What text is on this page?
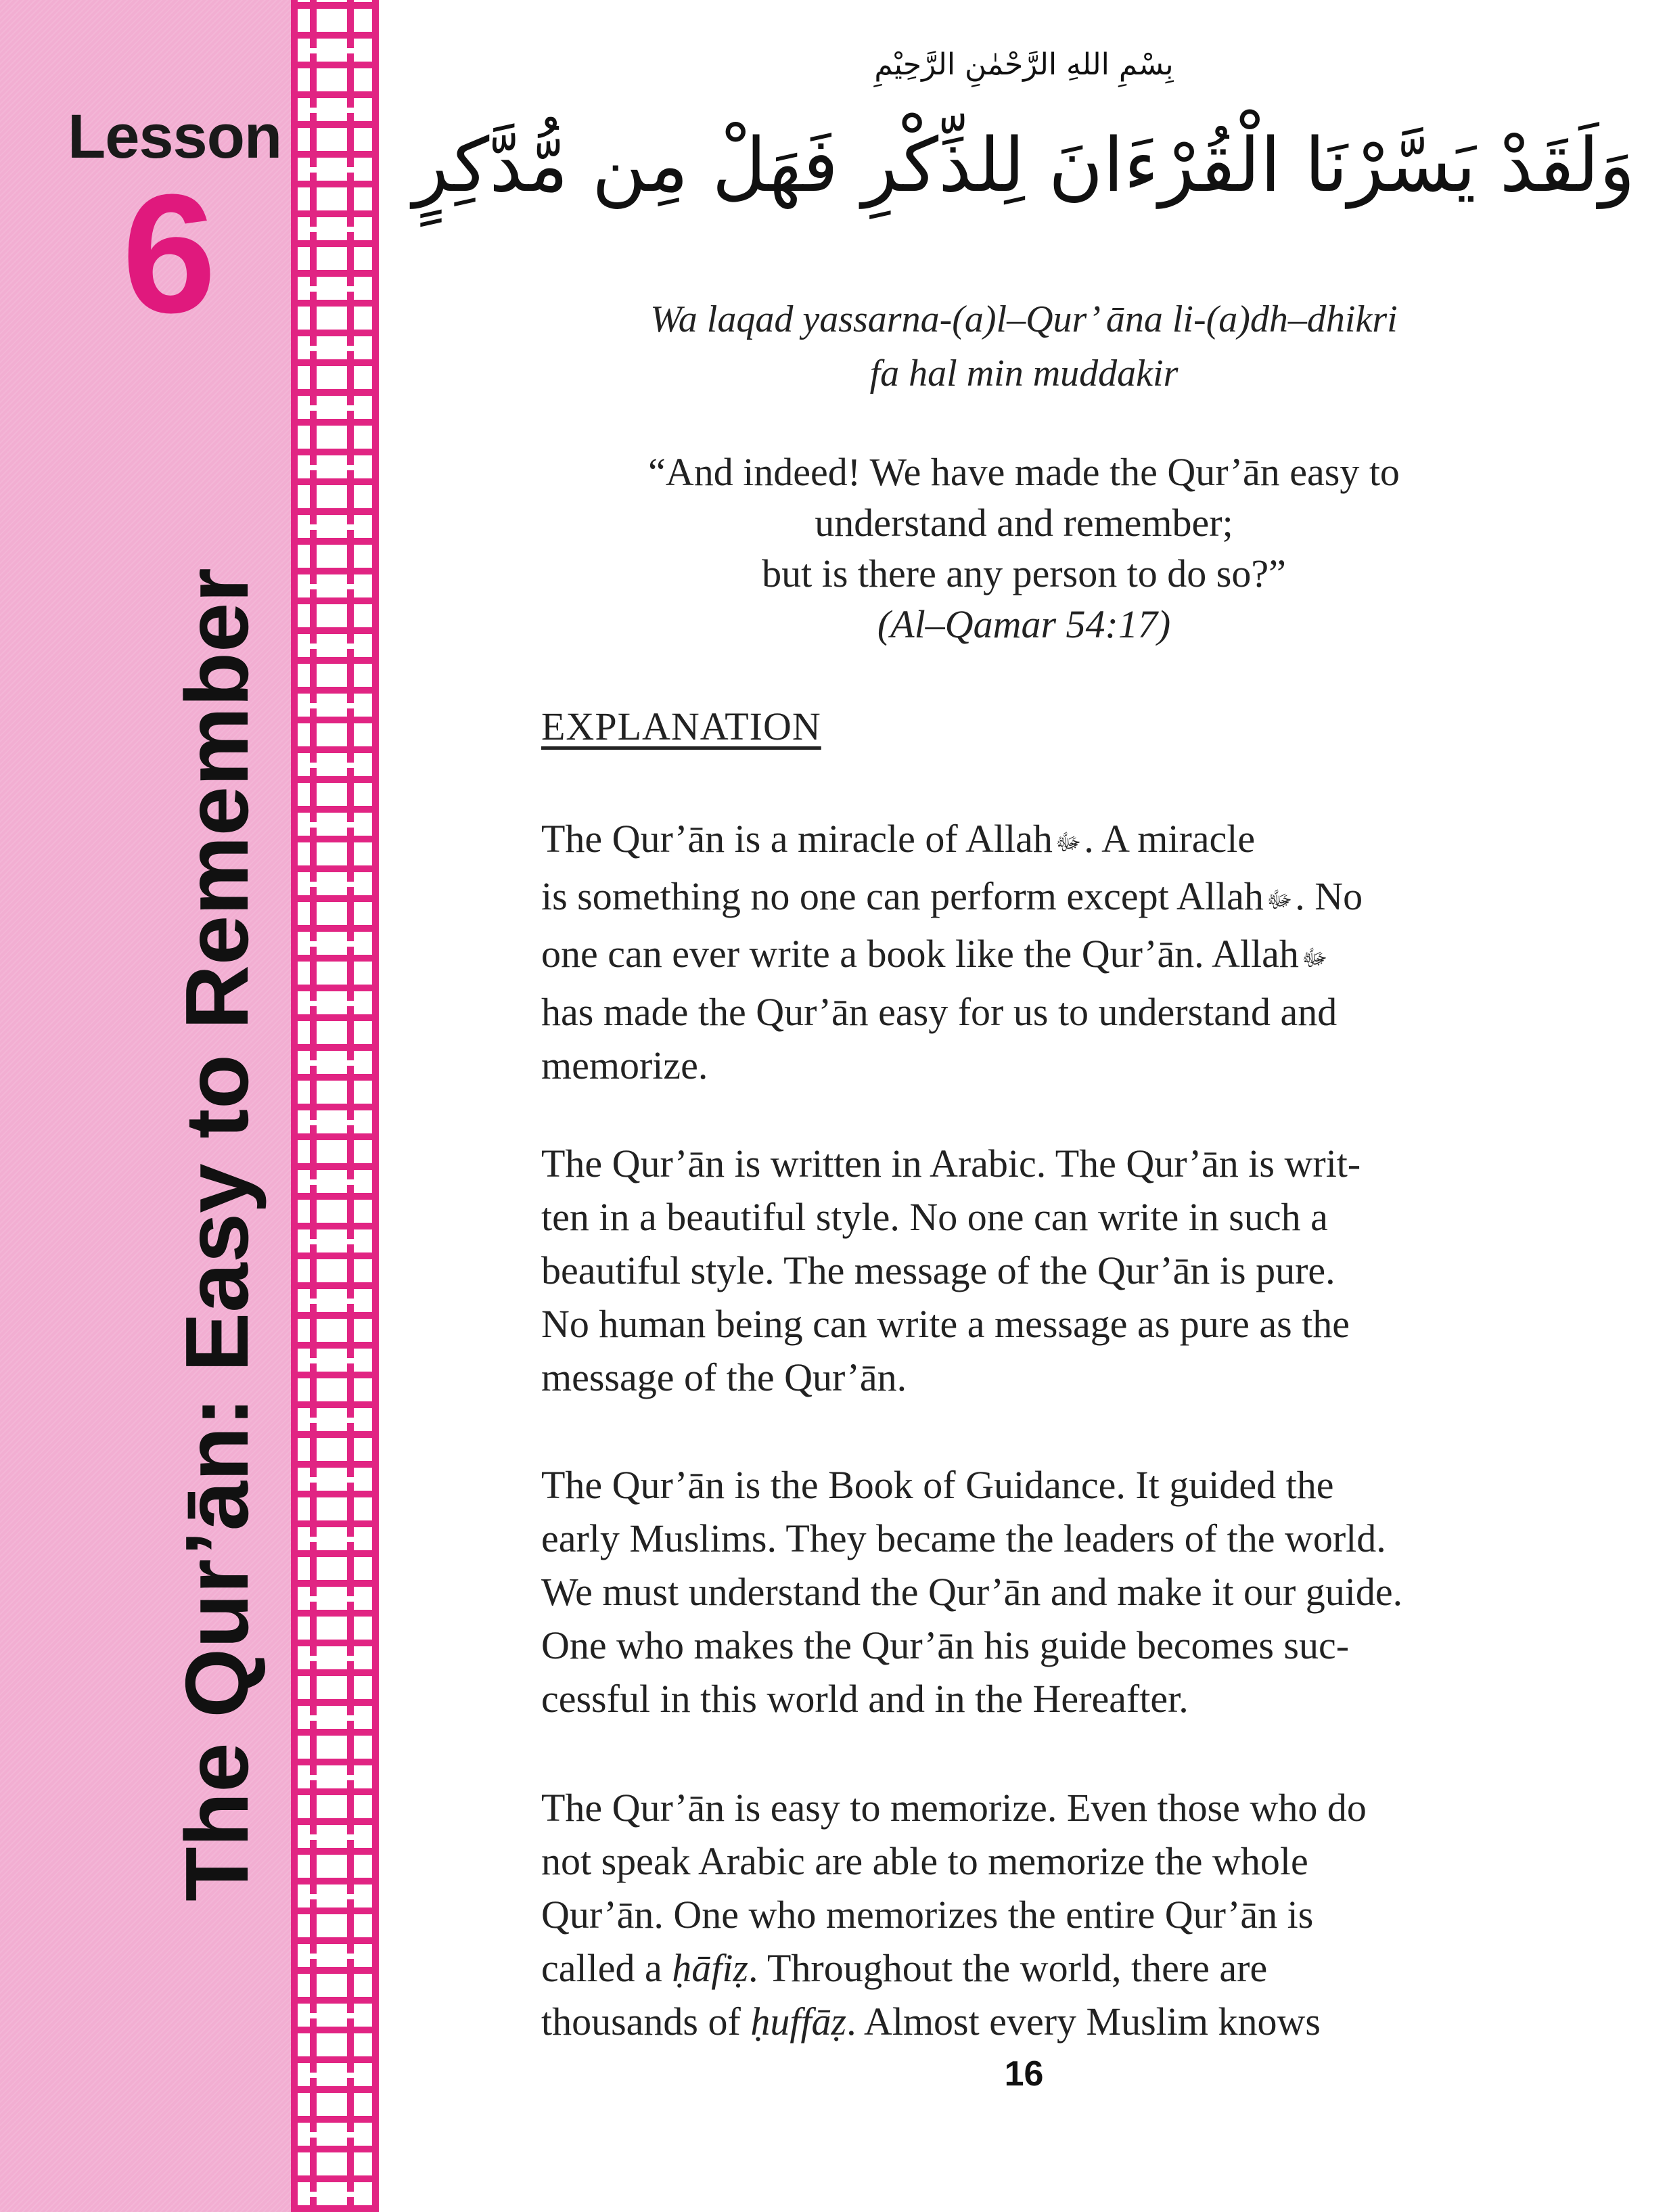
Lesson
6
The Qur’ān: Easy to Remember
بِسْمِ اللهِ الرَّحْمٰنِ الرَّحِيْمِ
وَلَقَدْ يَسَّرْنَا الْقُرْءَانَ لِلذِّكْرِ فَهَلْ مِن مُّدَّكِرٍ
Wa laqad yassarna-(a)l–Qur’ āna li-(a)dh–dhikri
fa hal min muddakir
“And indeed! We have made the Qur’ān easy to
understand and remember;
but is there any person to do so?”
(Al–Qamar 54:17)
EXPLANATION
The Qur’ān is a miracle of Allah ﷻ. A miracle
is something no one can perform except Allah ﷻ. No
one can ever write a book like the Qur’ān. Allah ﷻ
has made the Qur’ān easy for us to understand and
memorize.
The Qur’ān is written in Arabic. The Qur’ān is writ-
ten in a beautiful style. No one can write in such a
beautiful style. The message of the Qur’ān is pure.
No human being can write a message as pure as the
message of the Qur’ān.
The Qur’ān is the Book of Guidance. It guided the
early Muslims. They became the leaders of the world.
We must understand the Qur’ān and make it our guide.
One who makes the Qur’ān his guide becomes suc-
cessful in this world and in the Hereafter.
The Qur’ān is easy to memorize. Even those who do
not speak Arabic are able to memorize the whole
Qur’ān. One who memorizes the entire Qur’ān is
called a ḥāfiẓ. Throughout the world, there are
thousands of ḥuffāẓ. Almost every Muslim knows
16
